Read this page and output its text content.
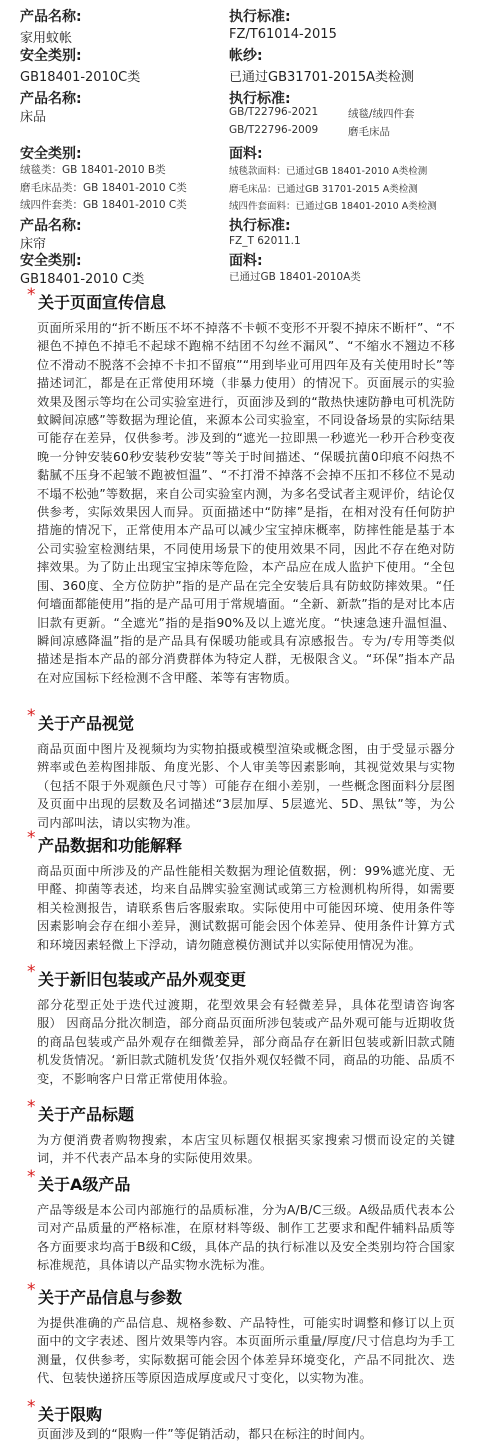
产品名称:
家用蚊帐
执行标准:
FZ/T61014-2015
安全类别:
GB18401-2010C类
帐纱:
已通过GB31701-2015A类检测
产品名称:
床品
执行标准:
GB/T22796-2021	绒毯/绒四件套
GB/T22796-2009	磨毛床品
安全类别:
绒毯类：GB 18401-2010 B类
磨毛床品类：GB 18401-2010 C类
绒四件套类：GB 18401-2010 C类
面料:
绒毯款面料：已通过GB 18401-2010 A类检测
磨毛床品：已通过GB 31701-2015 A类检测
绒四件套面料：已通过GB 18401-2010 A类检测
产品名称:
床帘
执行标准:
FZ_T 62011.1
安全类别:
GB18401-2010 C类
面料:
已通过GB 18401-2010A类
* 关于页面宣传信息

页面所采用的“折不断压不坏不掉落不卡顿不变形不开裂不掉床不断杆”、“不褪色不掉色不掉毛不起球不跑棉不结团不勾丝不漏风”、“不缩水不翘边不移位不滑动不脱落不会掉不卡扣不留痕”“用到毕业可用四年及有关使用时长”等描述词汇，都是在正常使用环境（非暴力使用）的情况下。页面展示的实验效果及图示等均在公司实验室进行，页面涉及到的“散热快速防静电可机洗防蚊瞬间凉感”等数据为理论值，来源本公司实验室，不同设备场景的实际结果可能存在差异，仅供参考。涉及到的“遮光一拉即黑一秒遮光一秒开合秒变夜晚一分钟安装60秒安装秒安装”等关于时间描述、“保暖抗菌0印痕不闷热不黏腻不压身不起皱不跑被恒温”、“不打滑不掉落不会掉不压扣不移位不晃动不塌不松弛”等数据，来自公司实验室内测，为多名受试者主观评价，结论仅供参考，实际效果因人而异。页面描述中“防摔”是指，在相对没有任何防护措施的情况下，正常使用本产品可以减少宝宝掉床概率，防摔性能是基于本公司实验室检测结果，不同使用场景下的使用效果不同，因此不存在绝对防摔效果。为了防止出现宝宝掉床等危险，本产品应在成人监护下使用。“全包围、360度、全方位防护”指的是产品在完全安装后具有防蚊防摔效果。“任何墙面都能使用”指的是产品可用于常规墙面。“全新、新款”指的是对比本店旧款有更新。“全遮光”指的是指90%及以上遮光度。“快速急速升温恒温、瞬间凉感降温”指的是产品具有保暖功能或具有凉感报告。专为/专用等类似描述是指本产品的部分消费群体为特定人群，无极限含义。“环保”指本产品在对应国标下经检测不含甲醛、苯等有害物质。

* 关于产品视觉

商品页面中图片及视频均为实物拍摄或模型渲染或概念图，由于受显示器分辨率或色差构图排版、角度光影、个人审美等因素影响，其视觉效果与实物（包括不限于外观颜色尺寸等）可能存在细小差别，一些概念图面料分层图及页面中出现的层数及名词描述“3层加厚、5层遮光、5D、黑钛”等，为公司内部叫法，请以实物为准。

* 产品数据和功能解释

商品页面中所涉及的产品性能相关数据为理论值数据，例：99%遮光度、无甲醛、抑菌等表述，均来自品牌实验室测试或第三方检测机构所得，如需要相关检测报告，请联系售后客服索取。实际使用中可能因环境、使用条件等因素影响会存在细小差异，测试数据可能会因个体差异、使用条件计算方式和环境因素轻微上下浮动，请勿随意模仿测试并以实际使用情况为准。

* 关于新旧包装或产品外观变更

部分花型正处于迭代过渡期，花型效果会有轻微差异，具体花型请咨询客服） 因商品分批次制造，部分商品页面所涉包装或产品外观可能与近期收货的商品包装或产品外观存在细微差异，部分商品存在新旧包装或新旧款式随机发货情况。‘新旧款式随机发货’仅指外观仅轻微不同，商品的功能、品质不变，不影响客户日常正常使用体验。

* 关于产品标题

为方便消费者购物搜索，本店宝贝标题仅根据买家搜索习惯而设定的关键词，并不代表产品本身的实际使用效果。

* 关于A级产品

产品等级是本公司内部施行的品质标准，分为A/B/C三级。A级品质代表本公司对产品质量的严格标准，在原材料等级、制作工艺要求和配件辅料品质等各方面要求均高于B级和C级，具体产品的执行标准以及安全类别均符合国家标准规范，具体请以产品实物水洗标为准。

* 关于产品信息与参数

为提供准确的产品信息、规格参数、产品特性，可能实时调整和修订以上页面中的文字表述、图片效果等内容。本页面所示重量/厚度/尺寸信息均为手工测量，仅供参考，实际数据可能会因个体差异环境变化，产品不同批次、迭代、包装快递挤压等原因造成厚度或尺寸变化，以实物为准。

* 关于限购

页面涉及到的“限购一件”等促销活动，都只在标注的时间内。
